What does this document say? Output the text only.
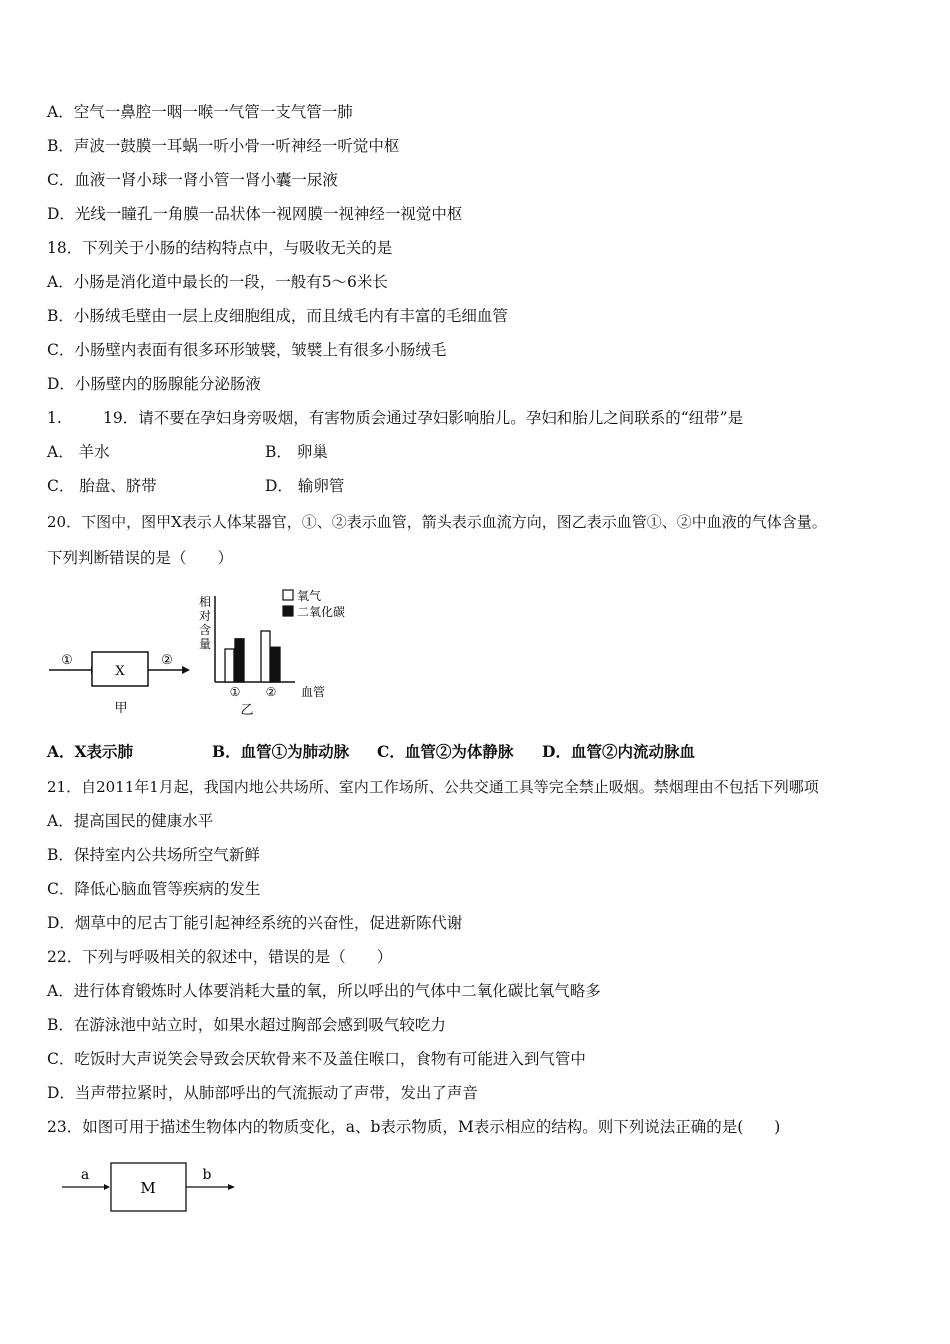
A．空气一鼻腔一咽一喉一气管一支气管一肺
B．声波一鼓膜一耳蜗一听小骨一听神经一听觉中枢
C．血液一肾小球一肾小管一肾小囊一尿液
D．光线一瞳孔一角膜一品状体一视网膜一视神经一视觉中枢
18．下列关于小肠的结构特点中，与吸收无关的是
A．小肠是消化道中最长的一段，一般有5～6米长
B．小肠绒毛壁由一层上皮细胞组成，而且绒毛内有丰富的毛细血管
C．小肠壁内表面有很多环形皱襞，皱襞上有很多小肠绒毛
D．小肠壁内的肠腺能分泌肠液
1.	19．请不要在孕妇身旁吸烟，有害物质会通过孕妇影响胎儿。孕妇和胎儿之间联系的“纽带”是
A． 羊水	B． 卵巢
C． 胎盘、脐带	D． 输卵管
20．下图中，图甲X表示人体某器官，①、②表示血管，箭头表示血流方向，图乙表示血管①、②中血液的气体含量。
下列判断错误的是（　　）
①
X
②
甲
相
对
含
量
① ② 血管
乙
氧气
二氧化碳
A．X表示肺	B．血管①为肺动脉 C．血管②为体静脉 D．血管②内流动脉血
21．自2011年1月起，我国内地公共场所、室内工作场所、公共交通工具等完全禁止吸烟。禁烟理由不包括下列哪项
A．提高国民的健康水平
B．保持室内公共场所空气新鲜
C．降低心脑血管等疾病的发生
D．烟草中的尼古丁能引起神经系统的兴奋性，促进新陈代谢
22．下列与呼吸相关的叙述中，错误的是（　　）
A．进行体育锻炼时人体要消耗大量的氧，所以呼出的气体中二氧化碳比氧气略多
B．在游泳池中站立时，如果水超过胸部会感到吸气较吃力
C．吃饭时大声说笑会导致会厌软骨来不及盖住喉口，食物有可能进入到气管中
D．当声带拉紧时，从肺部呼出的气流振动了声带，发出了声音
23．如图可用于描述生物体内的物质变化，a、b表示物质，M表示相应的结构。则下列说法正确的是(　　)
a
M
b
